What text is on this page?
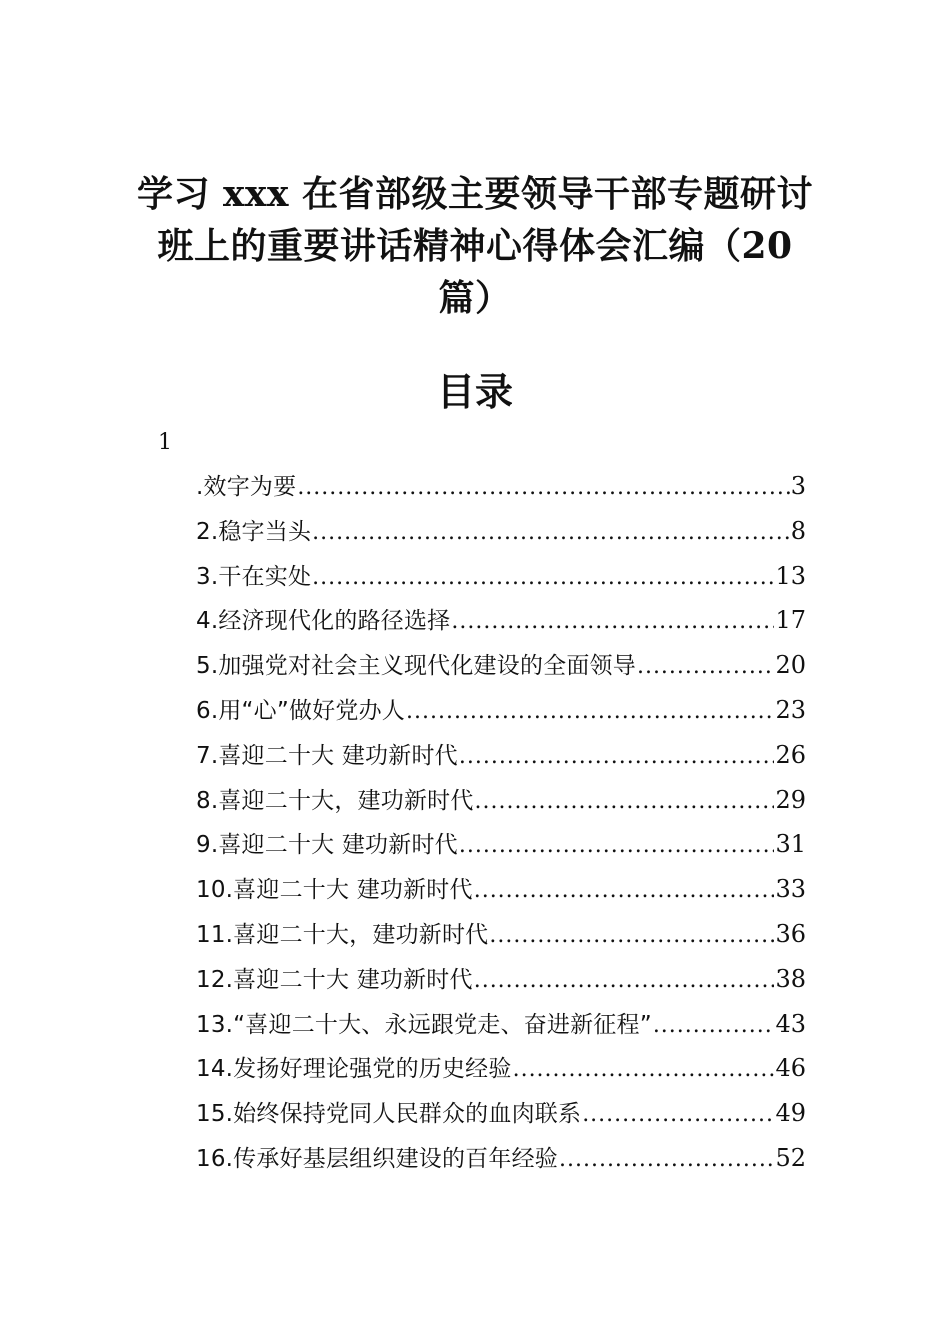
学习 xxx 在省部级主要领导干部专题研讨
班上的重要讲话精神心得体会汇编（20
篇）
目录
1
.效字为要 .....	3
2.稳字当头 .....	8
3.干在实处 .....	13
4.经济现代化的路径选择 .....	17
5.加强党对社会主义现代化建设的全面领导 .....	20
6.用“心”做好党办人 .....	23
7.喜迎二十大 建功新时代 .....	26
8.喜迎二十大，建功新时代 .....	29
9.喜迎二十大 建功新时代 .....	31
10.喜迎二十大 建功新时代 .....	33
11.喜迎二十大，建功新时代 .....	36
12.喜迎二十大 建功新时代 .....	38
13.“喜迎二十大、永远跟党走、奋进新征程” .....	43
14.发扬好理论强党的历史经验 .....	46
15.始终保持党同人民群众的血肉联系 .....	49
16.传承好基层组织建设的百年经验 .....	52
